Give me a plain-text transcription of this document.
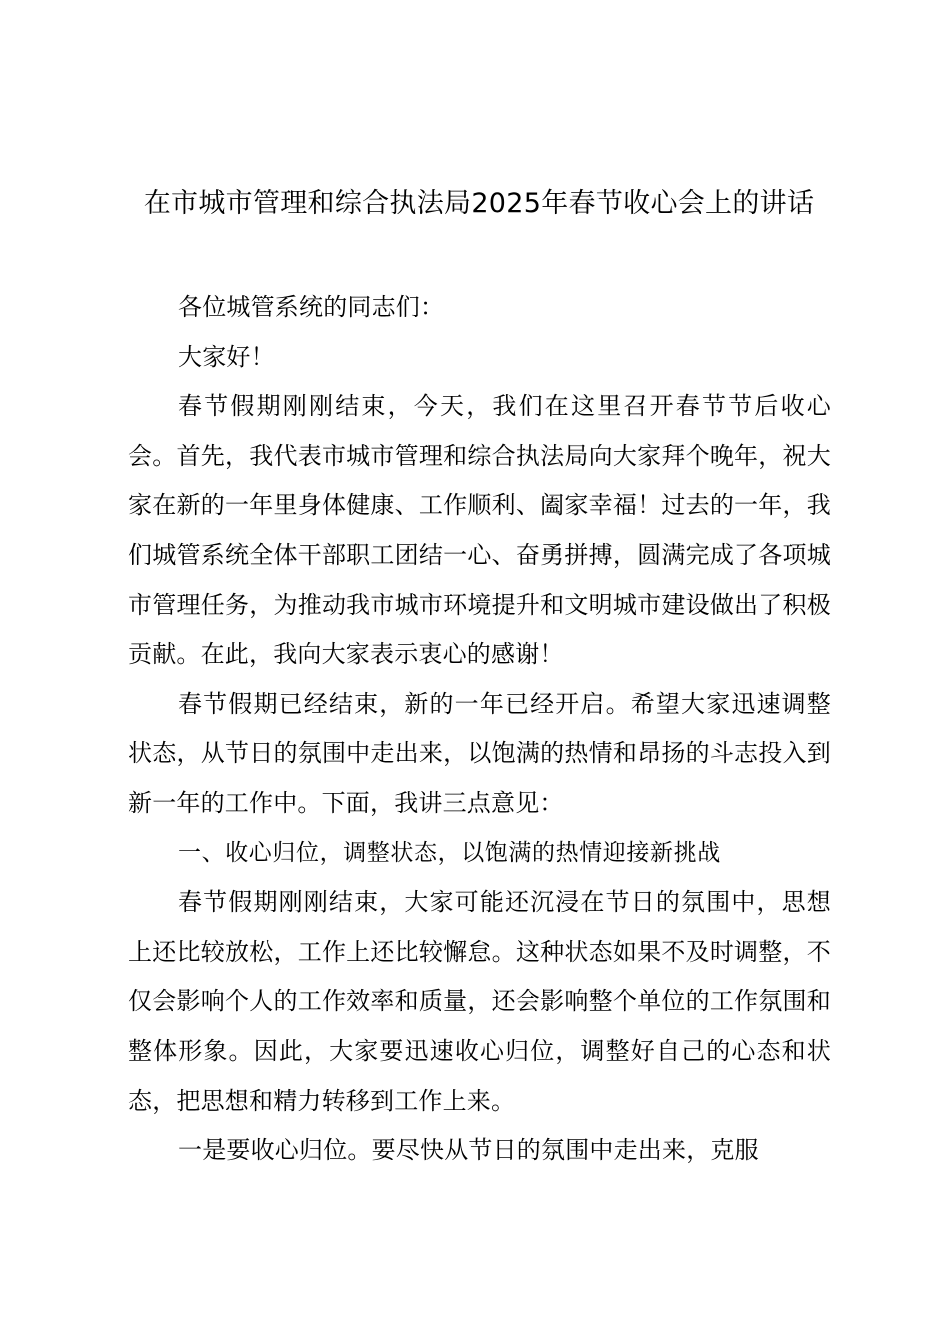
在市城市管理和综合执法局2025年春节收心会上的讲话

各位城管系统的同志们：

大家好！

春节假期刚刚结束，今天，我们在这里召开春节节后收心会。首先，我代表市城市管理和综合执法局向大家拜个晚年，祝大家在新的一年里身体健康、工作顺利、阖家幸福！过去的一年，我们城管系统全体干部职工团结一心、奋勇拼搏，圆满完成了各项城市管理任务，为推动我市城市环境提升和文明城市建设做出了积极贡献。在此，我向大家表示衷心的感谢！

春节假期已经结束，新的一年已经开启。希望大家迅速调整状态，从节日的氛围中走出来，以饱满的热情和昂扬的斗志投入到新一年的工作中。下面，我讲三点意见：

一、收心归位，调整状态，以饱满的热情迎接新挑战

春节假期刚刚结束，大家可能还沉浸在节日的氛围中，思想上还比较放松，工作上还比较懈怠。这种状态如果不及时调整，不仅会影响个人的工作效率和质量，还会影响整个单位的工作氛围和整体形象。因此，大家要迅速收心归位，调整好自己的心态和状态，把思想和精力转移到工作上来。

一是要收心归位。要尽快从节日的氛围中走出来，克服
